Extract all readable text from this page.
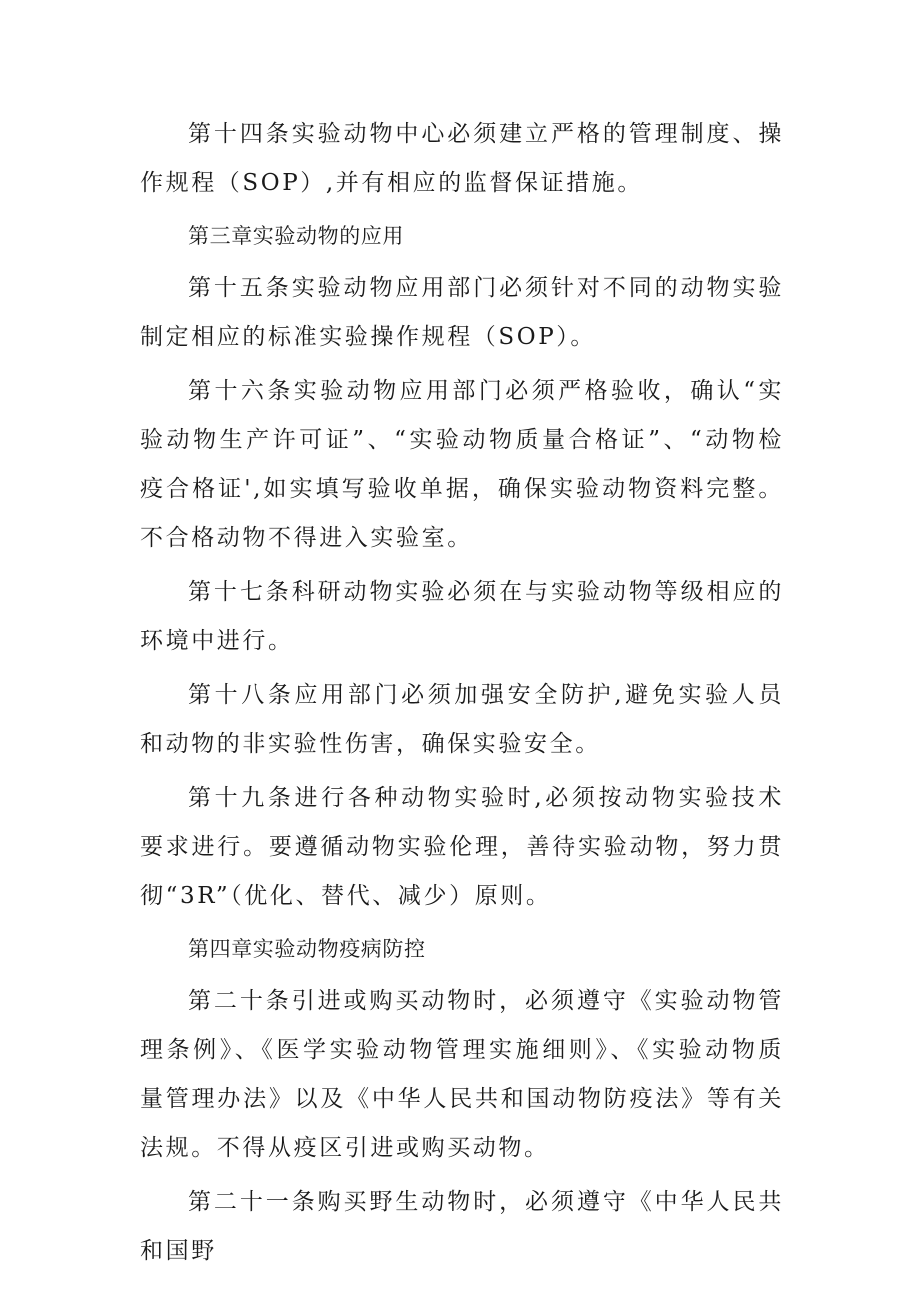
第十四条实验动物中心必须建立严格的管理制度、操作规程（SOP）,并有相应的监督保证措施。

第三章实验动物的应用

第十五条实验动物应用部门必须针对不同的动物实验制定相应的标准实验操作规程（SOP）。

第十六条实验动物应用部门必须严格验收，确认“实验动物生产许可证”、“实验动物质量合格证”、“动物检疫合格证',如实填写验收单据，确保实验动物资料完整。不合格动物不得进入实验室。

第十七条科研动物实验必须在与实验动物等级相应的环境中进行。

第十八条应用部门必须加强安全防护,避免实验人员和动物的非实验性伤害，确保实验安全。

第十九条进行各种动物实验时,必须按动物实验技术要求进行。要遵循动物实验伦理，善待实验动物，努力贯彻“3R”（优化、替代、减少）原则。

第四章实验动物疫病防控

第二十条引进或购买动物时，必须遵守《实验动物管理条例》、《医学实验动物管理实施细则》、《实验动物质量管理办法》以及《中华人民共和国动物防疫法》等有关法规。不得从疫区引进或购买动物。

第二十一条购买野生动物时，必须遵守《中华人民共和国野
